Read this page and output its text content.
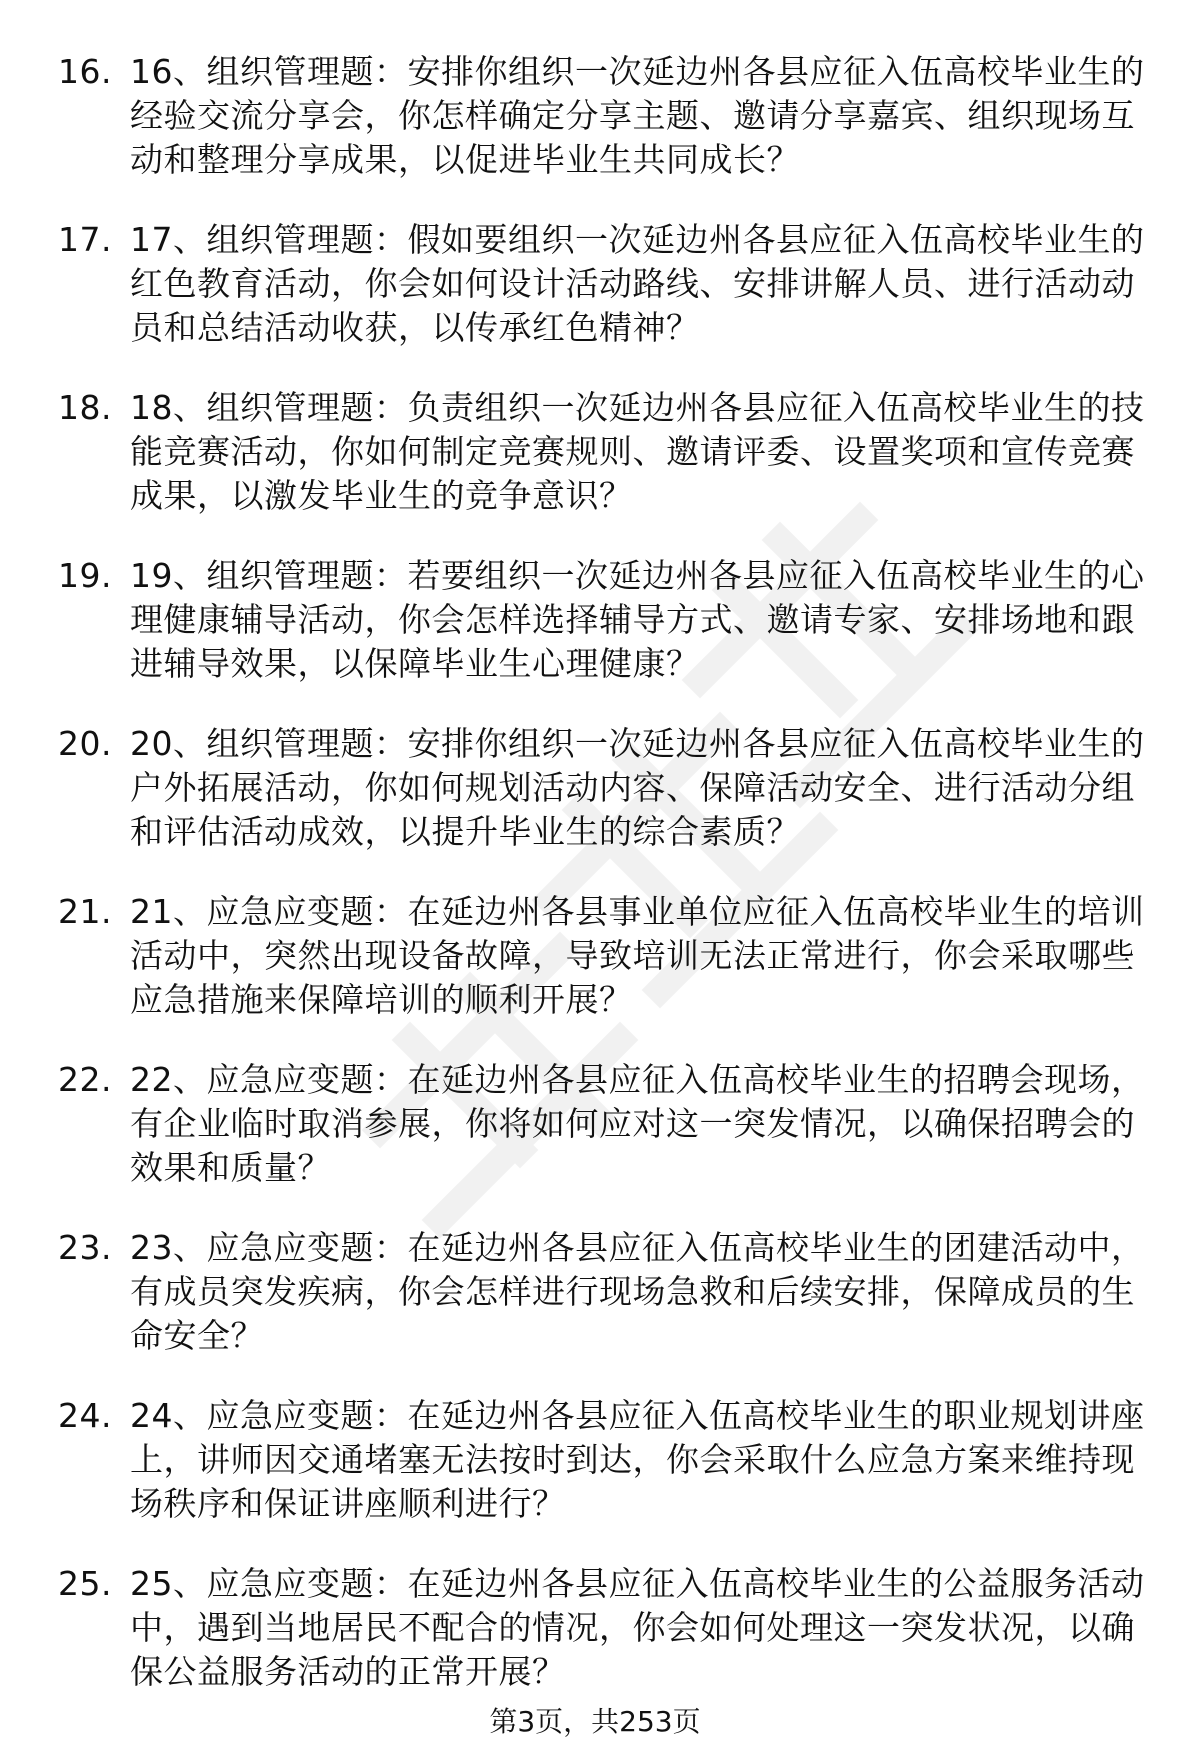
16. 16、组织管理题：安排你组织一次延边州各县应征入伍高校毕业生的经验交流分享会，你怎样确定分享主题、邀请分享嘉宾、组织现场互动和整理分享成果，以促进毕业生共同成长？
17. 17、组织管理题：假如要组织一次延边州各县应征入伍高校毕业生的红色教育活动，你会如何设计活动路线、安排讲解人员、进行活动动员和总结活动收获，以传承红色精神？
18. 18、组织管理题：负责组织一次延边州各县应征入伍高校毕业生的技能竞赛活动，你如何制定竞赛规则、邀请评委、设置奖项和宣传竞赛成果，以激发毕业生的竞争意识？
19. 19、组织管理题：若要组织一次延边州各县应征入伍高校毕业生的心理健康辅导活动，你会怎样选择辅导方式、邀请专家、安排场地和跟进辅导效果，以保障毕业生心理健康？
20. 20、组织管理题：安排你组织一次延边州各县应征入伍高校毕业生的户外拓展活动，你如何规划活动内容、保障活动安全、进行活动分组和评估活动成效，以提升毕业生的综合素质？
21. 21、应急应变题：在延边州各县事业单位应征入伍高校毕业生的培训活动中，突然出现设备故障，导致培训无法正常进行，你会采取哪些应急措施来保障培训的顺利开展？
22. 22、应急应变题：在延边州各县应征入伍高校毕业生的招聘会现场，有企业临时取消参展，你将如何应对这一突发情况，以确保招聘会的效果和质量？
23. 23、应急应变题：在延边州各县应征入伍高校毕业生的团建活动中，有成员突发疾病，你会怎样进行现场急救和后续安排，保障成员的生命安全？
24. 24、应急应变题：在延边州各县应征入伍高校毕业生的职业规划讲座上，讲师因交通堵塞无法按时到达，你会采取什么应急方案来维持现场秩序和保证讲座顺利进行？
25. 25、应急应变题：在延边州各县应征入伍高校毕业生的公益服务活动中，遇到当地居民不配合的情况，你会如何处理这一突发状况，以确保公益服务活动的正常开展？
第3页，共253页
